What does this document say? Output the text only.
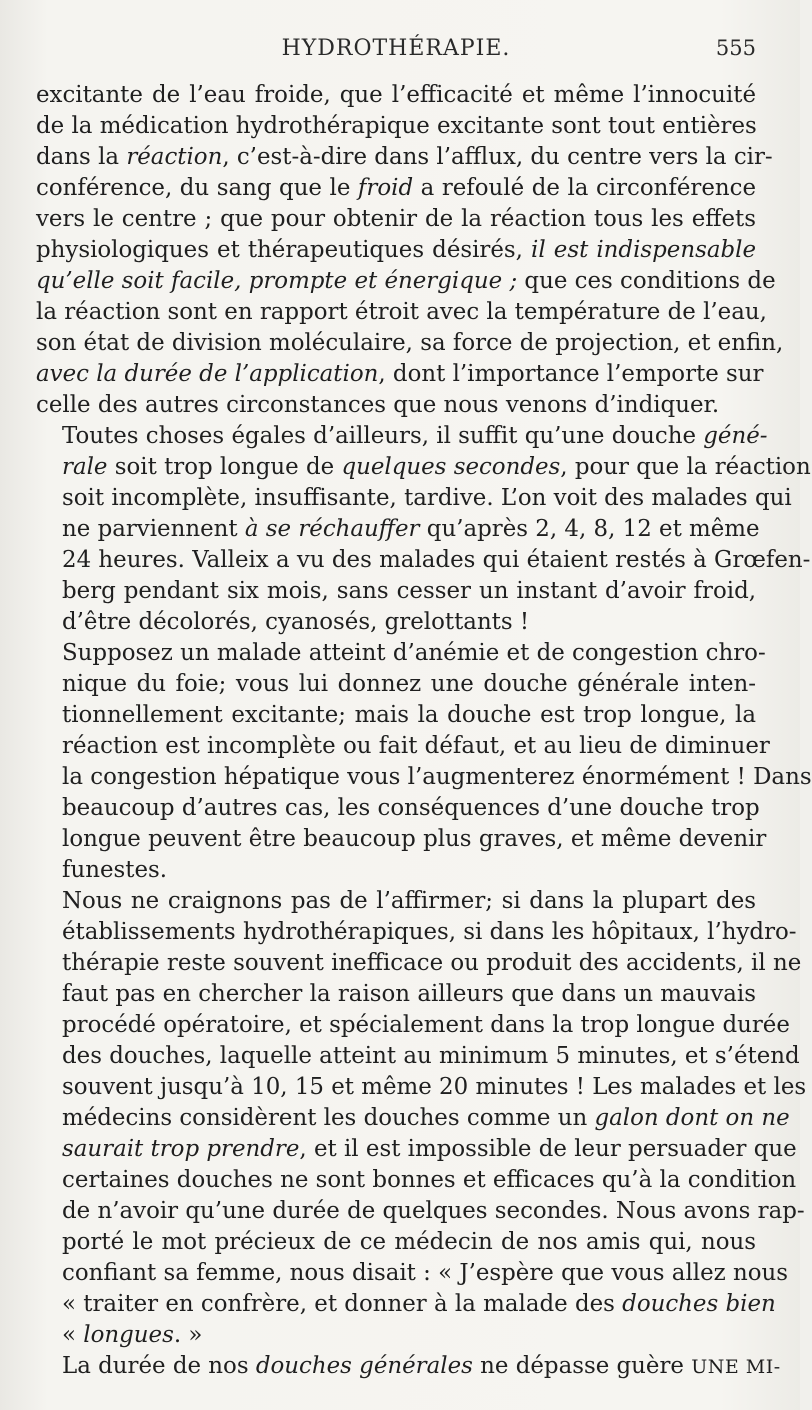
HYDROTHÉRAPIE.	555
excitante de l’eau froide, que l’efficacité et même l’innocuité
de la médication hydrothérapique excitante sont tout entières
dans la réaction, c’est-à-dire dans l’afflux, du centre vers la cir-
conférence, du sang que le froid a refoulé de la circonférence
vers le centre ; que pour obtenir de la réaction tous les effets
physiologiques et thérapeutiques désirés, il est indispensable
qu’elle soit facile, prompte et énergique ; que ces conditions de
la réaction sont en rapport étroit avec la température de l’eau,
son état de division moléculaire, sa force de projection, et enfin,
avec la durée de l’application, dont l’importance l’emporte sur
celle des autres circonstances que nous venons d’indiquer.
Toutes choses égales d’ailleurs, il suffit qu’une douche géné-
rale soit trop longue de quelques secondes, pour que la réaction
soit incomplète, insuffisante, tardive. L’on voit des malades qui
ne parviennent à se réchauffer qu’après 2, 4, 8, 12 et même
24 heures. Valleix a vu des malades qui étaient restés à Grœfen-
berg pendant six mois, sans cesser un instant d’avoir froid,
d’être décolorés, cyanosés, grelottants !
Supposez un malade atteint d’anémie et de congestion chro-
nique du foie; vous lui donnez une douche générale inten-
tionnellement excitante; mais la douche est trop longue, la
réaction est incomplète ou fait défaut, et au lieu de diminuer
la congestion hépatique vous l’augmenterez énormément ! Dans
beaucoup d’autres cas, les conséquences d’une douche trop
longue peuvent être beaucoup plus graves, et même devenir
funestes.
Nous ne craignons pas de l’affirmer; si dans la plupart des
établissements hydrothérapiques, si dans les hôpitaux, l’hydro-
thérapie reste souvent inefficace ou produit des accidents, il ne
faut pas en chercher la raison ailleurs que dans un mauvais
procédé opératoire, et spécialement dans la trop longue durée
des douches, laquelle atteint au minimum 5 minutes, et s’étend
souvent jusqu’à 10, 15 et même 20 minutes ! Les malades et les
médecins considèrent les douches comme un galon dont on ne
saurait trop prendre, et il est impossible de leur persuader que
certaines douches ne sont bonnes et efficaces qu’à la condition
de n’avoir qu’une durée de quelques secondes. Nous avons rap-
porté le mot précieux de ce médecin de nos amis qui, nous
confiant sa femme, nous disait : « J’espère que vous allez nous
« traiter en confrère, et donner à la malade des douches bien
« longues. »
La durée de nos douches générales ne dépasse guère UNE MI-
